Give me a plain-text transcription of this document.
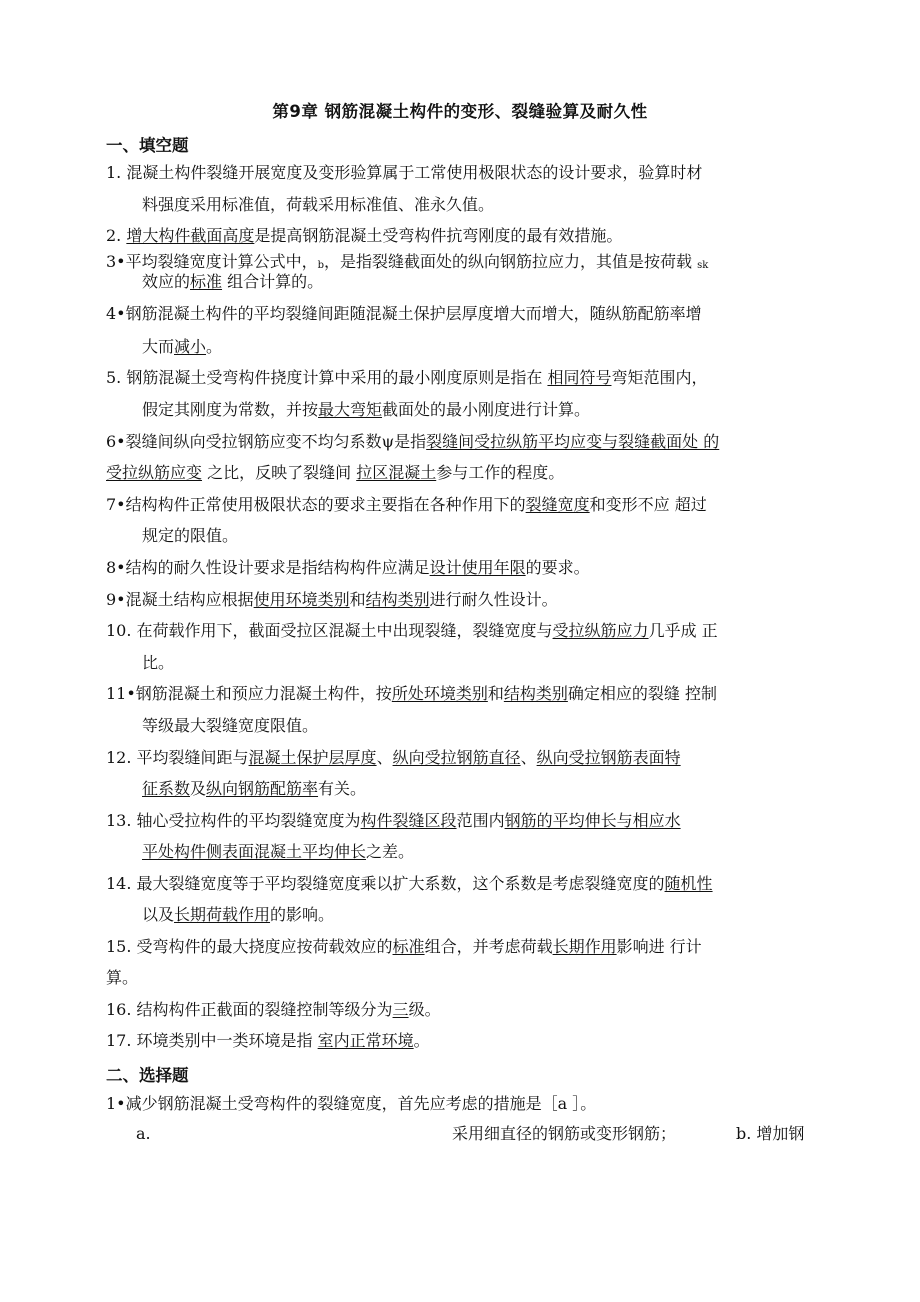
第9章 钢筋混凝土构件的变形、裂缝验算及耐久性
一、填空题
1. 混凝土构件裂缝开展宽度及变形验算属于工常使用极限状态的设计要求，验算时材
料强度采用标准值，荷载采用标准值、准永久值。
2. 增大构件截面高度是提高钢筋混凝土受弯构件抗弯刚度的最有效措施。
3•平均裂缝宽度计算公式中，b，是指裂缝截面处的纵向钢筋拉应力，其值是按荷载 sk
效应的标准 组合计算的。
4•钢筋混凝土构件的平均裂缝间距随混凝土保护层厚度增大而增大，随纵筋配筋率增
大而减小。
5. 钢筋混凝土受弯构件挠度计算中采用的最小刚度原则是指在 相同符号弯矩范围内，
假定其刚度为常数，并按最大弯矩截面处的最小刚度进行计算。
6•裂缝间纵向受拉钢筋应变不均匀系数ψ是指裂缝间受拉纵筋平均应变与裂缝截面处 的
受拉纵筋应变 之比，反映了裂缝间 拉区混凝土参与工作的程度。
7•结构构件正常使用极限状态的要求主要指在各种作用下的裂缝宽度和变形不应 超过
规定的限值。
8•结构的耐久性设计要求是指结构构件应满足设计使用年限的要求。
9•混凝土结构应根据使用环境类别和结构类别进行耐久性设计。
10. 在荷载作用下，截面受拉区混凝土中出现裂缝，裂缝宽度与受拉纵筋应力几乎成 正
比。
11•钢筋混凝土和预应力混凝土构件，按所处环境类别和结构类别确定相应的裂缝 控制
等级最大裂缝宽度限值。
12. 平均裂缝间距与混凝土保护层厚度、纵向受拉钢筋直径、纵向受拉钢筋表面特
征系数及纵向钢筋配筋率有关。
13. 轴心受拉构件的平均裂缝宽度为构件裂缝区段范围内钢筋的平均伸长与相应水
平处构件侧表面混凝土平均伸长之差。
14. 最大裂缝宽度等于平均裂缝宽度乘以扩大系数，这个系数是考虑裂缝宽度的随机性
以及长期荷载作用的影响。
15. 受弯构件的最大挠度应按荷载效应的标准组合，并考虑荷载长期作用影响进 行计
算。
16. 结构构件正截面的裂缝控制等级分为三级。
17. 环境类别中一类环境是指 室内正常环境。
1•减少钢筋混凝土受弯构件的裂缝宽度，首先应考虑的措施是［a ］。
二、选择题
a.	采用细直径的钢筋或变形钢筋；	b. 增加钢
